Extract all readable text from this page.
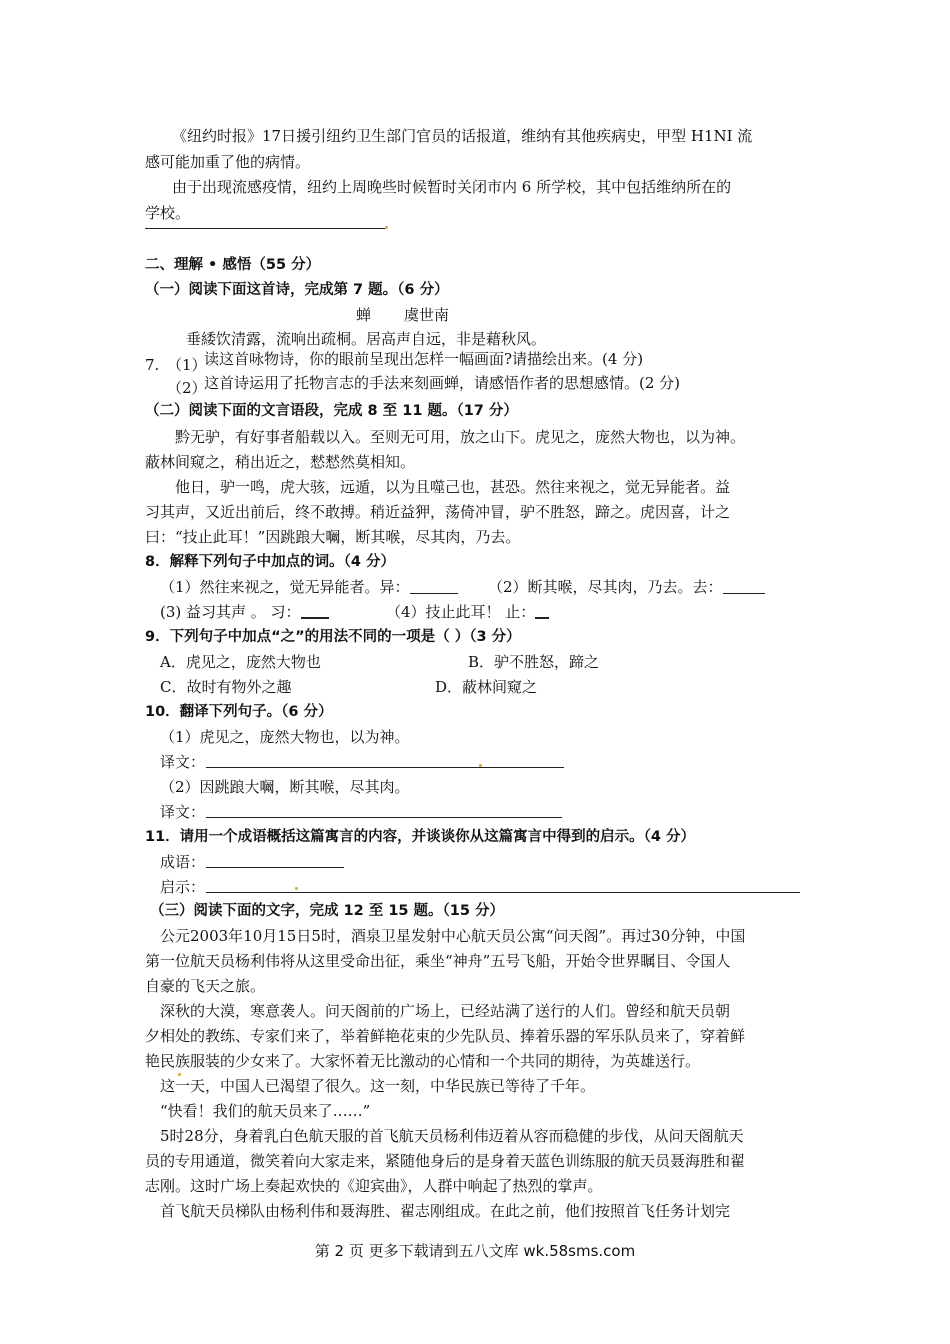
《纽约时报》17日援引纽约卫生部门官员的话报道，维纳有其他疾病史，甲型 H1NI 流
感可能加重了他的病情。
由于出现流感疫情，纽约上周晚些时候暂时关闭市内 6 所学校，其中包括维纳所在的
学校。
二、理解 • 感悟（55 分）
（一）阅读下面这首诗，完成第 7 题。（6 分）
蝉 虞世南
垂緌饮清露，流响出疏桐。居高声自远，非是藉秋风。
7. （1）
读这首咏物诗，你的眼前呈现出怎样一幅画面?请描绘出来。(4 分)
（2）
这首诗运用了托物言志的手法来刻画蝉，请感悟作者的思想感情。(2 分)
（二）阅读下面的文言语段，完成 8 至 11 题。（17 分）
黔无驴，有好事者船载以入。至则无可用，放之山下。虎见之，庞然大物也，以为神。
蔽林间窥之，稍出近之，慭慭然莫相知。
他日，驴一鸣，虎大骇，远遁，以为且噬己也，甚恐。然往来视之，觉无异能者。益
习其声，又近出前后，终不敢搏。稍近益狎，荡倚冲冒，驴不胜怒，蹄之。虎因喜，计之
曰：“技止此耳！”因跳踉大㘎，断其喉，尽其肉，乃去。
8．解释下列句子中加点的词。（4 分）
（1）然往来视之，觉无异能者。异：	（2）断其喉，尽其肉，乃去。去：
(3) 益习其声 。 习：	（4）技止此耳！ 止：
9．下列句子中加点“之”的用法不同的一项是（ ）（3 分）
A．虎见之，庞然大物也	B．驴不胜怒，蹄之
C．故时有物外之趣	D．蔽林间窥之
10．翻译下列句子。（6 分）
（1）虎见之，庞然大物也，以为神。
译文：
（2）因跳踉大㘎，断其喉，尽其肉。
译文：
11．请用一个成语概括这篇寓言的内容，并谈谈你从这篇寓言中得到的启示。（4 分）
成语：
启示：
（三）阅读下面的文字，完成 12 至 15 题。（15 分）
公元2003年10月15日5时，酒泉卫星发射中心航天员公寓“问天阁”。再过30分钟，中国
第一位航天员杨利伟将从这里受命出征，乘坐“神舟”五号飞船，开始令世界瞩目、令国人
自豪的飞天之旅。
深秋的大漠，寒意袭人。问天阁前的广场上，已经站满了送行的人们。曾经和航天员朝
夕相处的教练、专家们来了，举着鲜艳花束的少先队员、捧着乐器的军乐队员来了，穿着鲜
艳民族服装的少女来了。大家怀着无比激动的心情和一个共同的期待，为英雄送行。
这一天，中国人已渴望了很久。这一刻，中华民族已等待了千年。
“快看！我们的航天员来了……”
5时28分，身着乳白色航天服的首飞航天员杨利伟迈着从容而稳健的步伐，从问天阁航天
员的专用通道，微笑着向大家走来，紧随他身后的是身着天蓝色训练服的航天员聂海胜和翟
志刚。这时广场上奏起欢快的《迎宾曲》，人群中响起了热烈的掌声。
首飞航天员梯队由杨利伟和聂海胜、翟志刚组成。在此之前，他们按照首飞任务计划完
第 2 页 更多下载请到五八文库 wk.58sms.com
